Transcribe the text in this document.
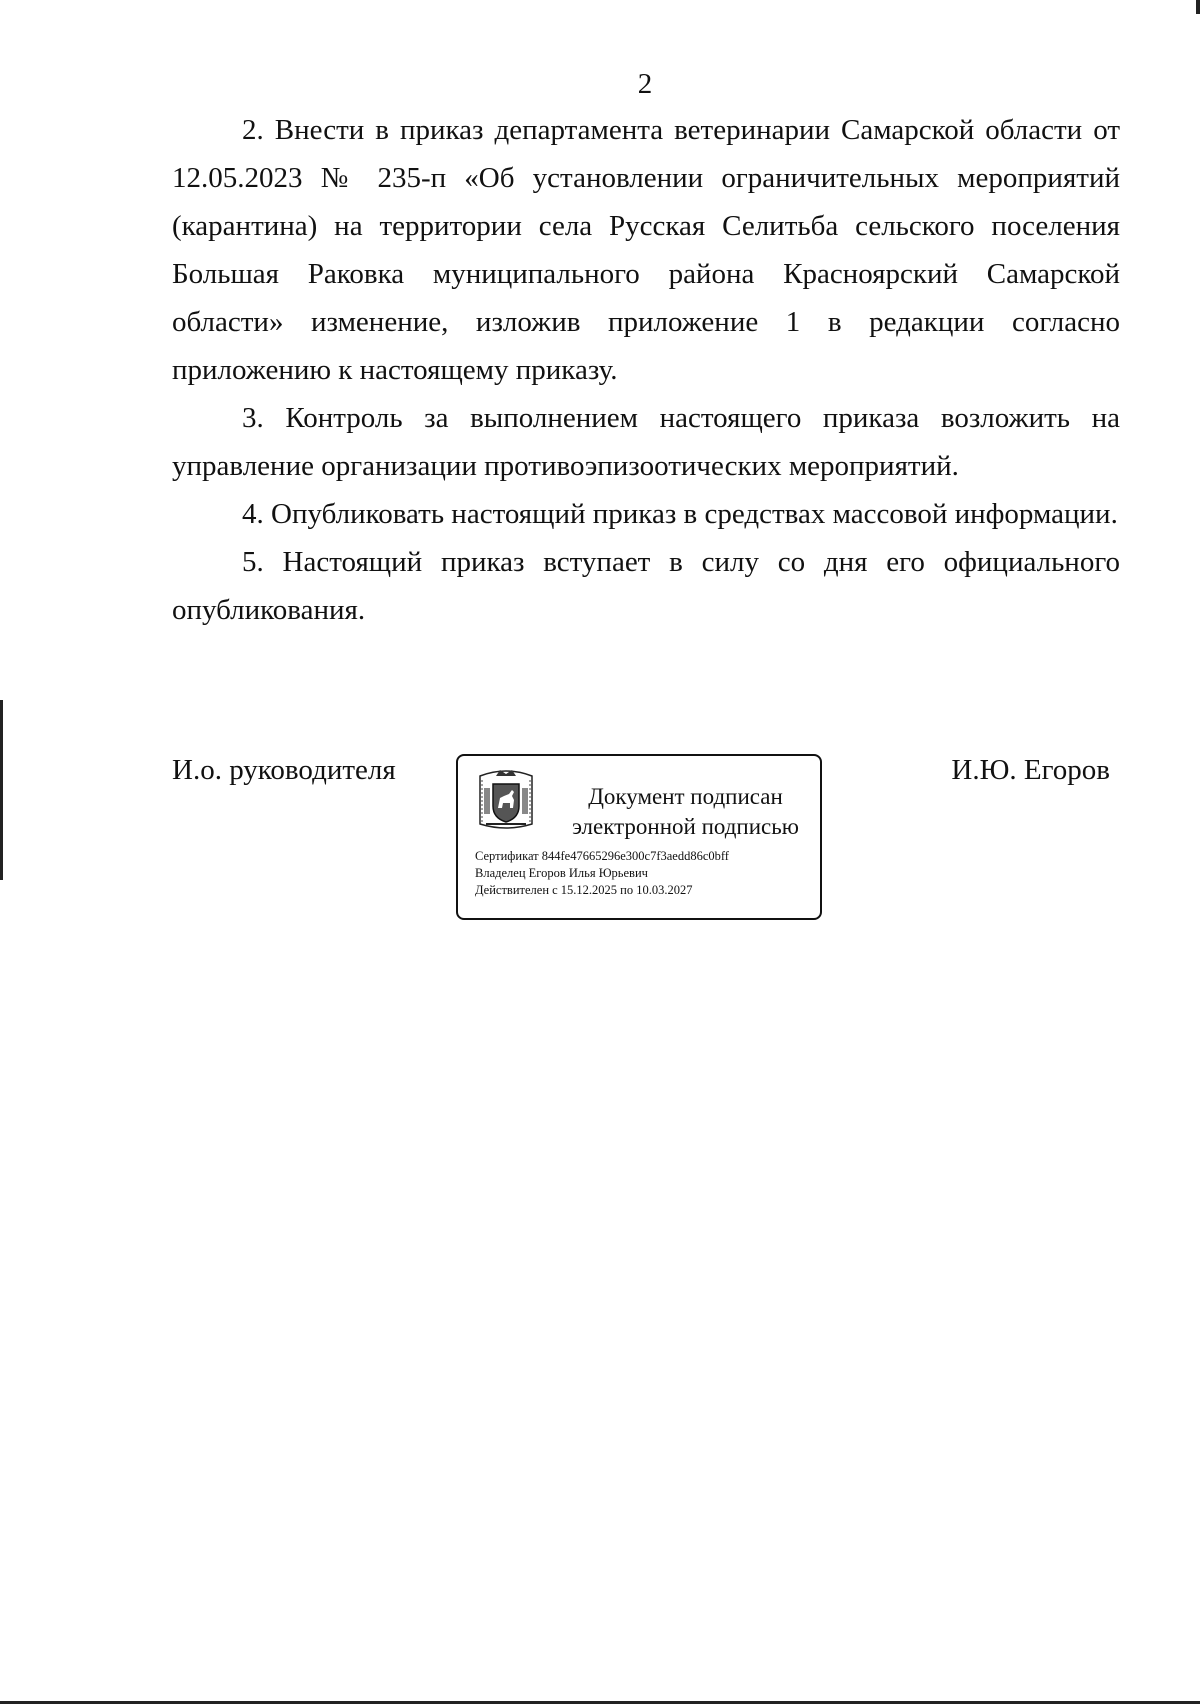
2

2. Внести в приказ департамента ветеринарии Самарской области от 12.05.2023 № 235-п «Об установлении ограничительных мероприятий (карантина) на территории села Русская Селитьба сельского поселения Большая Раковка муниципального района Красноярский Самарской области» изменение, изложив приложение 1 в редакции согласно приложению к настоящему приказу.

3. Контроль за выполнением настоящего приказа возложить на управление организации противоэпизоотических мероприятий.

4. Опубликовать настоящий приказ в средствах массовой информации.

5. Настоящий приказ вступает в силу со дня его официального опубликования.

И.о. руководителя
Документ подписан
электронной подписью
Сертификат 844fe47665296e300c7f3aedd86c0bff
Владелец Егоров Илья Юрьевич
Действителен с 15.12.2025 по 10.03.2027
И.Ю. Егоров
